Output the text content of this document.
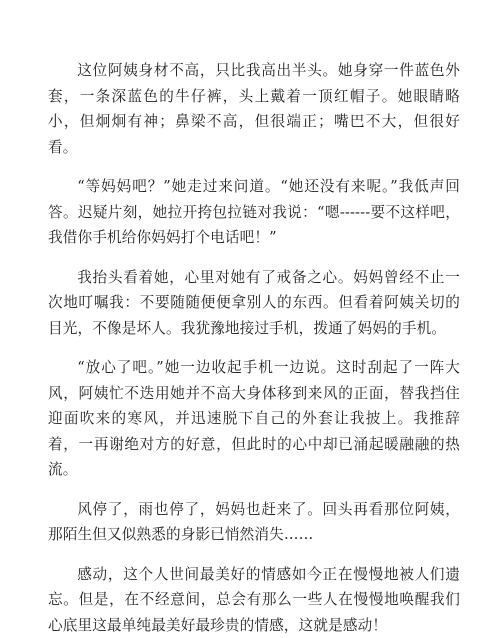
这位阿姨身材不高，只比我高出半头。她身穿一件蓝色外套，一条深蓝色的牛仔裤，头上戴着一顶红帽子。她眼睛略小，但炯炯有神；鼻梁不高，但很端正；嘴巴不大，但很好看。

“等妈妈吧？”她走过来问道。“她还没有来呢。”我低声回答。迟疑片刻，她拉开挎包拉链对我说：“嗯------要不这样吧，我借你手机给你妈妈打个电话吧！”

我抬头看着她，心里对她有了戒备之心。妈妈曾经不止一次地叮嘱我：不要随随便便拿别人的东西。但看着阿姨关切的目光，不像是坏人。我犹豫地接过手机，拨通了妈妈的手机。

“放心了吧。”她一边收起手机一边说。这时刮起了一阵大风，阿姨忙不迭用她并不高大身体移到来风的正面，替我挡住迎面吹来的寒风，并迅速脱下自己的外套让我披上。我推辞着，一再谢绝对方的好意，但此时的心中却已涌起暖融融的热流。

风停了，雨也停了，妈妈也赶来了。回头再看那位阿姨，那陌生但又似熟悉的身影已悄然消失……

感动，这个人世间最美好的情感如今正在慢慢地被人们遗忘。但是，在不经意间，总会有那么一些人在慢慢地唤醒我们心底里这最单纯最美好最珍贵的情感，这就是感动！
